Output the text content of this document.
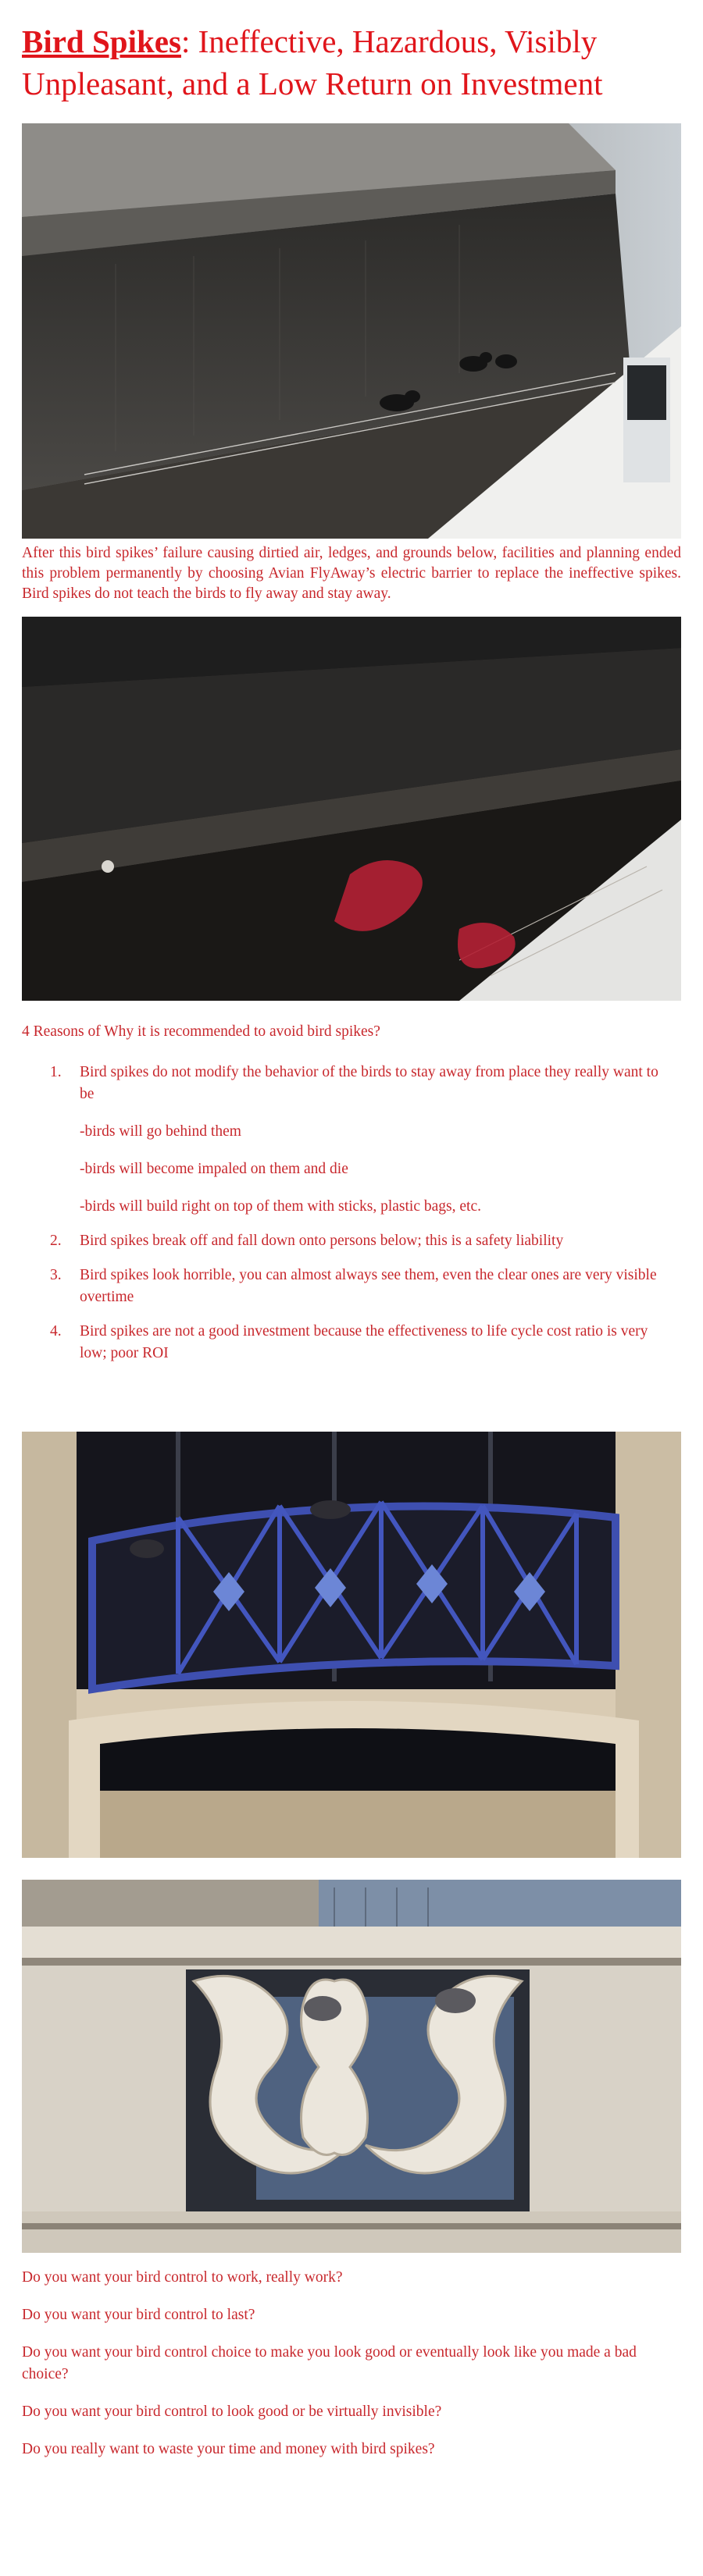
Bird Spikes: Ineffective, Hazardous, Visibly Unpleasant, and a Low Return on Investment

After this bird spikes’ failure causing dirtied air, ledges, and grounds below, facilities and planning ended this problem permanently by choosing Avian FlyAway’s electric barrier to replace the ineffective spikes. Bird spikes do not teach the birds to fly away and stay away.

4 Reasons of Why it is recommended to avoid bird spikes?
1. Bird spikes do not modify the behavior of the birds to stay away from place they really want to be
-birds will go behind them
-birds will become impaled on them and die
-birds will build right on top of them with sticks, plastic bags, etc.
2. Bird spikes break off and fall down onto persons below; this is a safety liability
3. Bird spikes look horrible, you can almost always see them, even the clear ones are very visible overtime
4. Bird spikes are not a good investment because the effectiveness to life cycle cost ratio is very low; poor ROI

Do you want your bird control to work, really work?

Do you want your bird control to last?

Do you want your bird control choice to make you look good or eventually look like you made a bad choice?

Do you want your bird control to look good or be virtually invisible?

Do you really want to waste your time and money with bird spikes?
